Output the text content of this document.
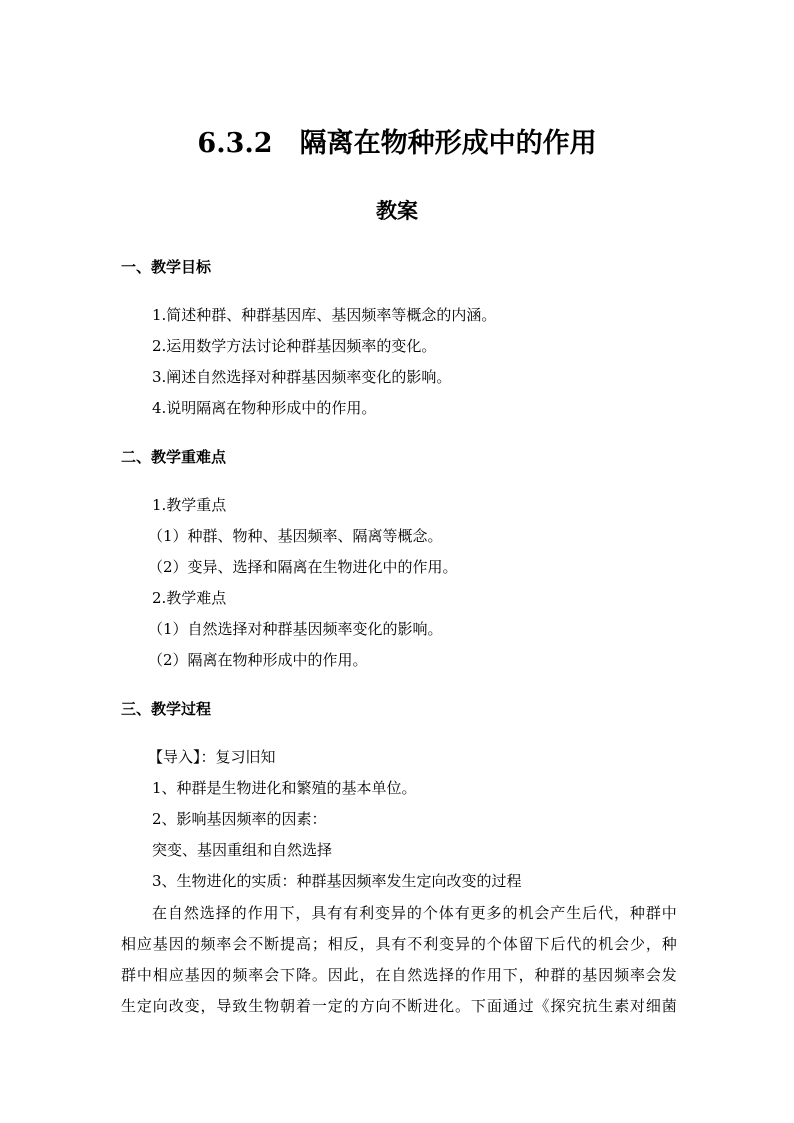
6.3.2　隔离在物种形成中的作用
教案
一、教学目标
1.简述种群、种群基因库、基因频率等概念的内涵。
2.运用数学方法讨论种群基因频率的变化。
3.阐述自然选择对种群基因频率变化的影响。
4.说明隔离在物种形成中的作用。
二、教学重难点
1.教学重点
（1）种群、物种、基因频率、隔离等概念。
（2）变异、选择和隔离在生物进化中的作用。
2.教学难点
（1）自然选择对种群基因频率变化的影响。
（2）隔离在物种形成中的作用。
三、教学过程
【导入】：复习旧知
1、种群是生物进化和繁殖的基本单位。
2、影响基因频率的因素：
突变、基因重组和自然选择
3、生物进化的实质：种群基因频率发生定向改变的过程
在自然选择的作用下，具有有利变异的个体有更多的机会产生后代，种群中
相应基因的频率会不断提高；相反，具有不利变异的个体留下后代的机会少，种
群中相应基因的频率会下降。因此，在自然选择的作用下，种群的基因频率会发
生定向改变，导致生物朝着一定的方向不断进化。下面通过《探究抗生素对细菌
